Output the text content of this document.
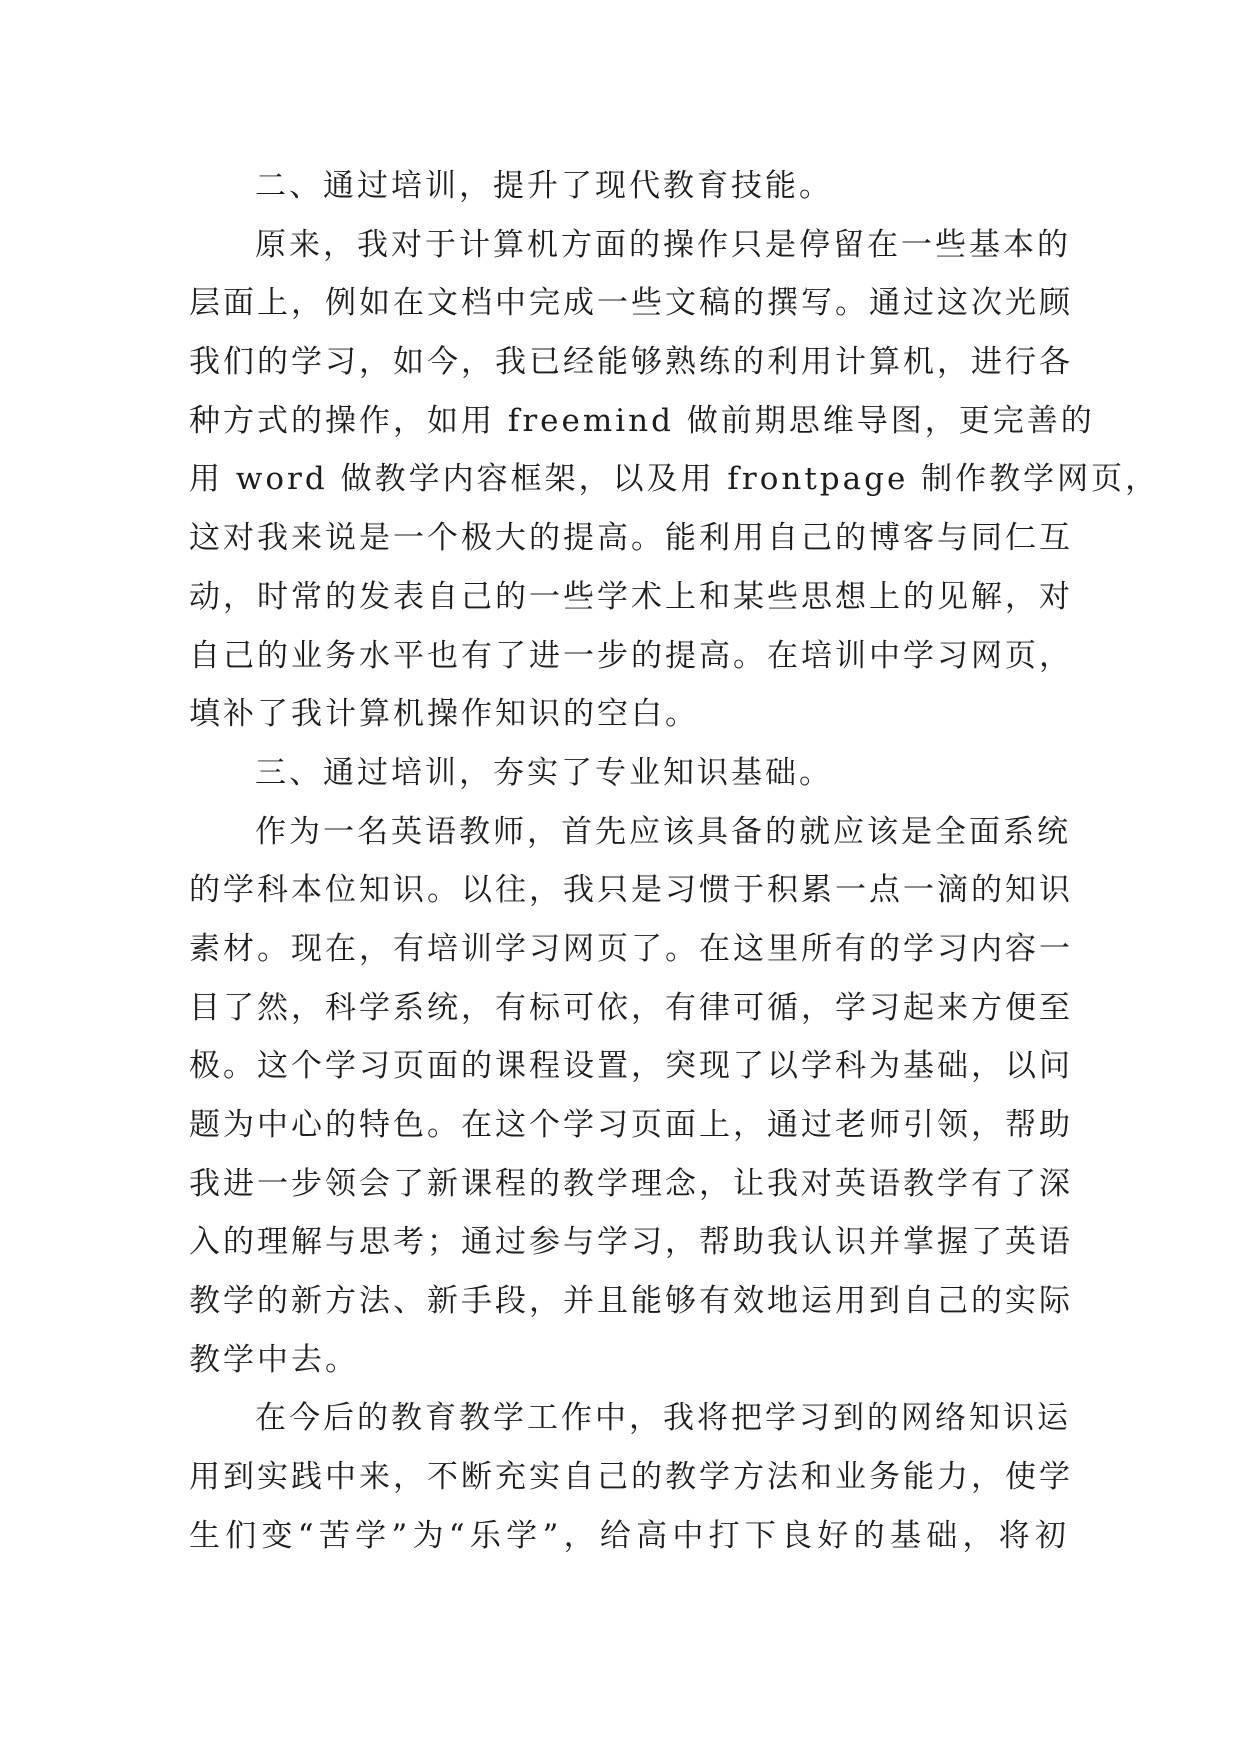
二、通过培训，提升了现代教育技能。
原来，我对于计算机方面的操作只是停留在一些基本的
层面上，例如在文档中完成一些文稿的撰写。通过这次光顾
我们的学习，如今，我已经能够熟练的利用计算机，进行各
种方式的操作，如用 freemind 做前期思维导图，更完善的
用 word 做教学内容框架，以及用 frontpage 制作教学网页，
这对我来说是一个极大的提高。能利用自己的博客与同仁互
动，时常的发表自己的一些学术上和某些思想上的见解，对
自己的业务水平也有了进一步的提高。在培训中学习网页，
填补了我计算机操作知识的空白。
三、通过培训，夯实了专业知识基础。
作为一名英语教师，首先应该具备的就应该是全面系统
的学科本位知识。以往，我只是习惯于积累一点一滴的知识
素材。现在，有培训学习网页了。在这里所有的学习内容一
目了然，科学系统，有标可依，有律可循，学习起来方便至
极。这个学习页面的课程设置，突现了以学科为基础，以问
题为中心的特色。在这个学习页面上，通过老师引领，帮助
我进一步领会了新课程的教学理念，让我对英语教学有了深
入的理解与思考；通过参与学习，帮助我认识并掌握了英语
教学的新方法、新手段，并且能够有效地运用到自己的实际
教学中去。
在今后的教育教学工作中，我将把学习到的网络知识运
用到实践中来，不断充实自己的教学方法和业务能力，使学
生们变“苦学”为“乐学”，给高中打下良好的基础，将初
